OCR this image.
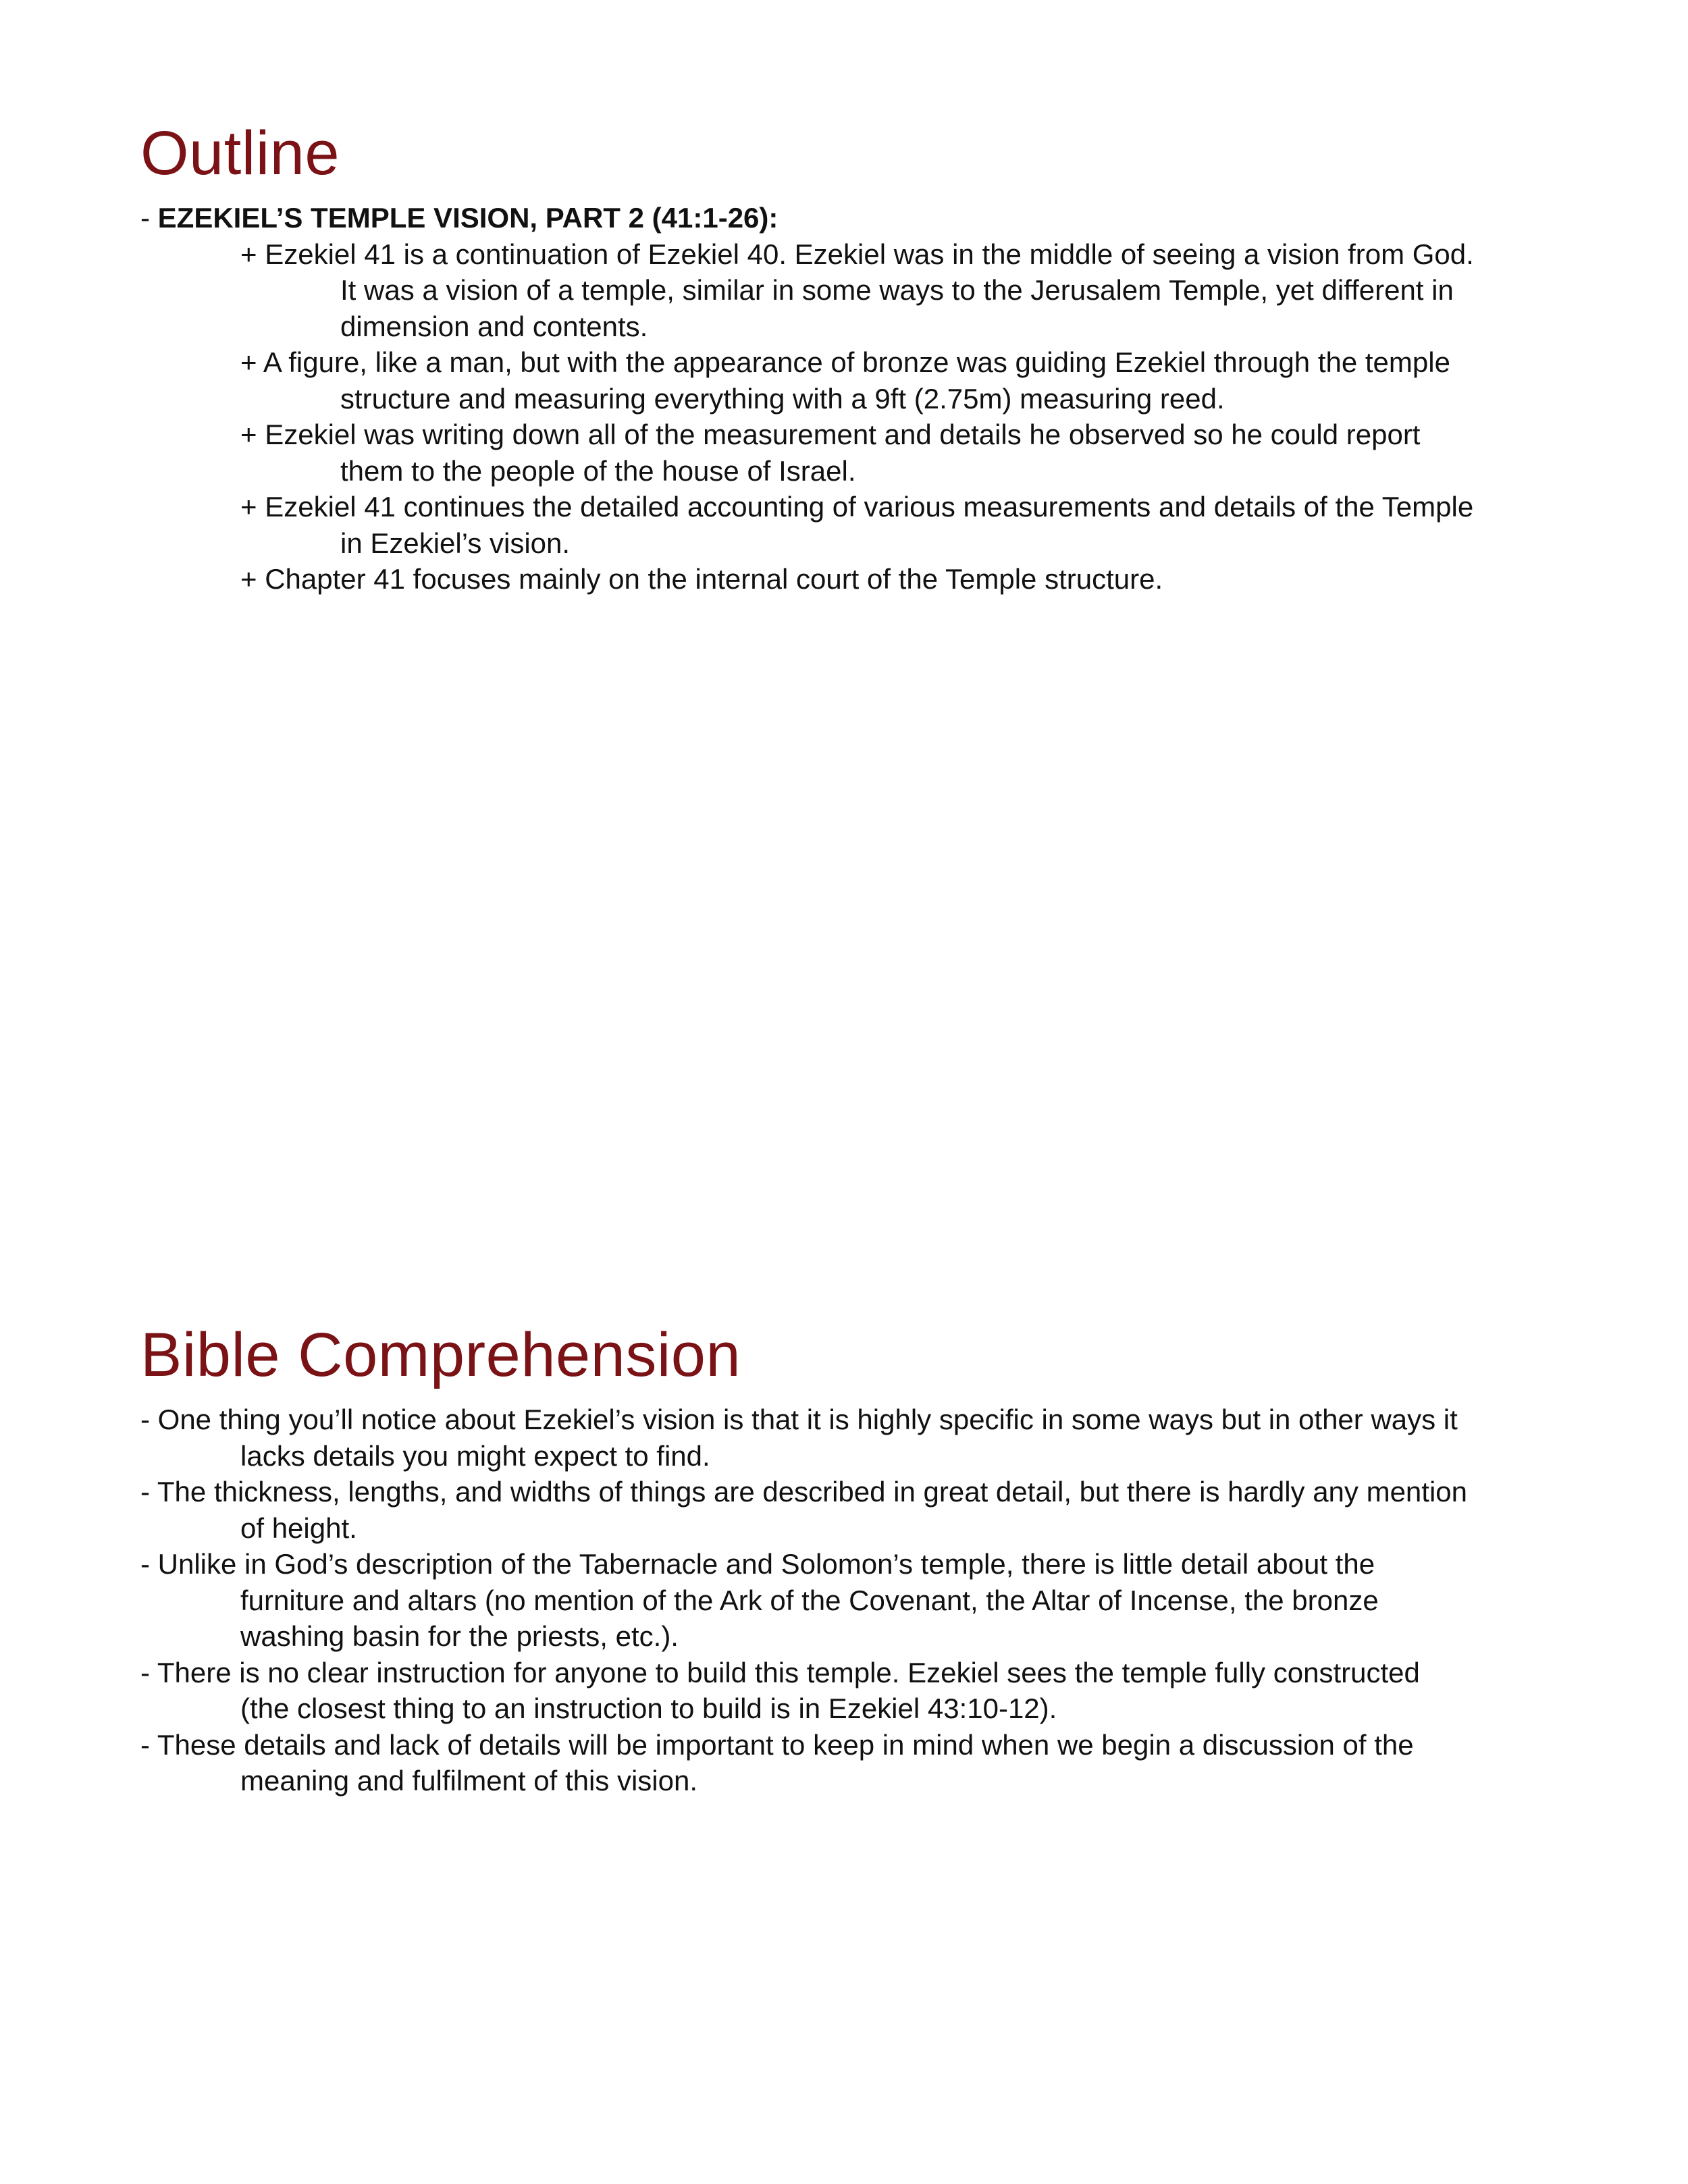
Outline

- EZEKIEL’S TEMPLE VISION, PART 2 (41:1-26):

+ Ezekiel 41 is a continuation of Ezekiel 40. Ezekiel was in the middle of seeing a vision from God.

It was a vision of a temple, similar in some ways to the Jerusalem Temple, yet different in

dimension and contents.

+ A figure, like a man, but with the appearance of bronze was guiding Ezekiel through the temple

structure and measuring everything with a 9ft (2.75m) measuring reed.

+ Ezekiel was writing down all of the measurement and details he observed so he could report

them to the people of the house of Israel.

+ Ezekiel 41 continues the detailed accounting of various measurements and details of the Temple

in Ezekiel’s vision.

+ Chapter 41 focuses mainly on the internal court of the Temple structure.

Bible Comprehension

- One thing you’ll notice about Ezekiel’s vision is that it is highly specific in some ways but in other ways it

lacks details you might expect to find.

- The thickness, lengths, and widths of things are described in great detail, but there is hardly any mention

of height.

- Unlike in God’s description of the Tabernacle and Solomon’s temple, there is little detail about the

furniture and altars (no mention of the Ark of the Covenant, the Altar of Incense, the bronze

washing basin for the priests, etc.).

- There is no clear instruction for anyone to build this temple. Ezekiel sees the temple fully constructed

(the closest thing to an instruction to build is in Ezekiel 43:10-12).

- These details and lack of details will be important to keep in mind when we begin a discussion of the

meaning and fulfilment of this vision.
